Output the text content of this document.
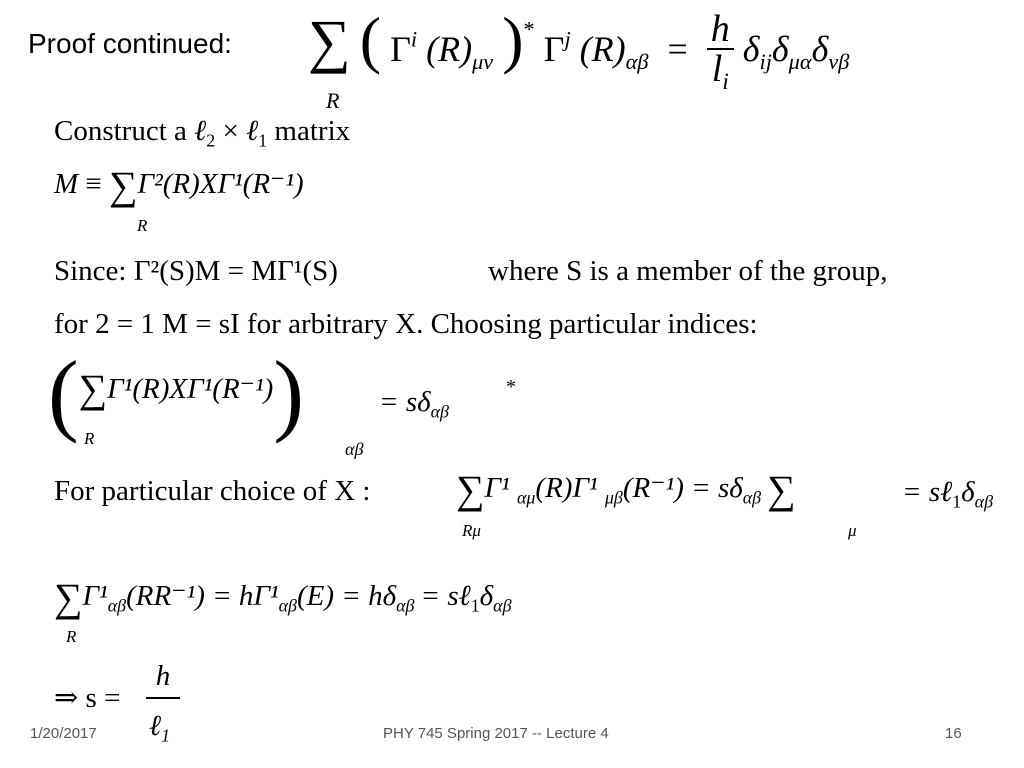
Proof continued: ∑ ( $\Gamma^i$ $(R)_{\mu\nu}$ )* $\Gamma^j$ $(R)_{\alpha\beta} = \frac{h}{l_i} \delta_{ij}\delta_{\mu\alpha}\delta_{\nu\beta}$
R
Construct a ℓ$_2$ × ℓ$_1$ matrix
M ≡ ∑Γ²(R)XΓ¹(R⁻¹)
R
Since: Γ²(S)M = MΓ¹(S)	where S is a member of the group,
for 2 = 1 M = sI for arbitrary X. Choosing particular indices:
(∑Γ¹(R)XΓ¹(R⁻¹))
R
αβ
= $s\delta_{\alpha\beta}$
*
For particular choice of X : ∑Γ¹ $_{\alpha\mu}$(R)Γ¹ $_{\mu\beta}(R^{-1}) = s\delta_{\alpha\beta}$ ∑
Rμ	μ
= $s\ell_1\delta_{\alpha\beta}$
$\sum\Gamma^1_{\alpha\beta}(RR^{-1}) = h\Gamma^1_{\alpha\beta}(E) = h\delta_{\alpha\beta}$ = $s\ell_1\delta_{\alpha\beta}$
R
⇒ s =
h
ℓ$_1$
1/20/2017	PHY 745 Spring 2017 -- Lecture 4	16
